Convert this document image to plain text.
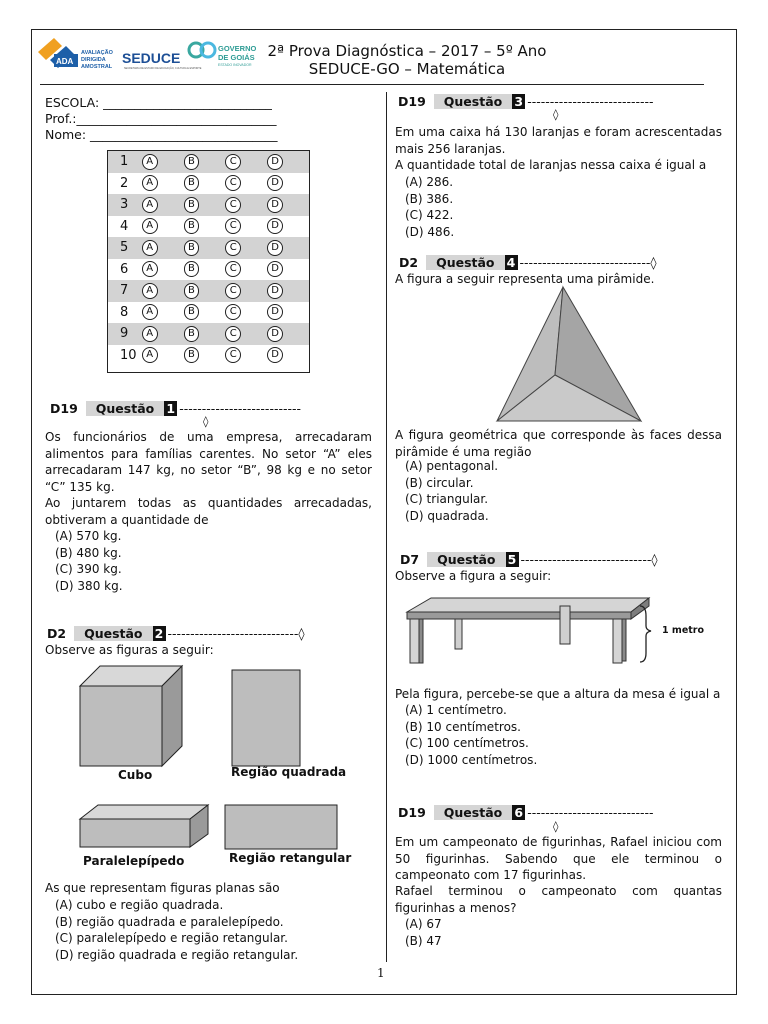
ADA
AVALIAÇÃO
DIRIGIDA
AMOSTRAL
SEDUCE
SECRETARIA DE ESTADO DE EDUCAÇÃO, CULTURA E ESPORTE
GOVERNO
DE GOIÁS
ESTADO INOVADOR
2ª Prova Diagnóstica – 2017 – 5º Ano
SEDUCE-GO – Matemática
ESCOLA: ___________________________
Prof.:________________________________
Nome: ______________________________
1	A	B	C	D
2	A	B	C	D
3	A	B	C	D
4	A	B	C	D
5	A	B	C	D
6	A	B	C	D
7	A	B	C	D
8	A	B	C	D
9	A	B	C	D
10 A	B	C	D
D19	Questão 1 ---------------------------
◊
Os funcionários de uma empresa, arrecadaram alimentos para famílias carentes. No setor “A” eles arrecadaram 147 kg, no setor “B”, 98 kg e no setor “C” 135 kg.
Ao juntarem todas as quantidades arrecadadas, obtiveram a quantidade de
(A) 570 kg.
(B) 480 kg.
(C) 390 kg.
(D) 380 kg.
D2	Questão 2 ----------------------------- ◊
Observe as figuras a seguir:
Cubo	Região quadrada
Paralelepípedo	Região retangular
As que representam figuras planas são
(A) cubo e região quadrada.
(B) região quadrada e paralelepípedo.
(C) paralelepípedo e região retangular.
(D) região quadrada e região retangular.
D19	Questão 3 ----------------------------
◊
Em uma caixa há 130 laranjas e foram acrescentadas mais 256 laranjas.
A quantidade total de laranjas nessa caixa é igual a
(A) 286.
(B) 386.
(C) 422.
(D) 486.
D2	Questão 4 ----------------------------- ◊
A figura a seguir representa uma pirâmide.
A figura geométrica que corresponde às faces dessa pirâmide é uma região
(A) pentagonal.
(B) circular.
(C) triangular.
(D) quadrada.
D7	Questão 5 ----------------------------- ◊
Observe a figura a seguir:
1 metro
Pela figura, percebe-se que a altura da mesa é igual a
(A) 1 centímetro.
(B) 10 centímetros.
(C) 100 centímetros.
(D) 1000 centímetros.
D19	Questão 6 ----------------------------
◊
Em um campeonato de figurinhas, Rafael iniciou com 50 figurinhas. Sabendo que ele terminou o campeonato com 17 figurinhas.
Rafael terminou o campeonato com quantas figurinhas a menos?
(A) 67
(B) 47
1
